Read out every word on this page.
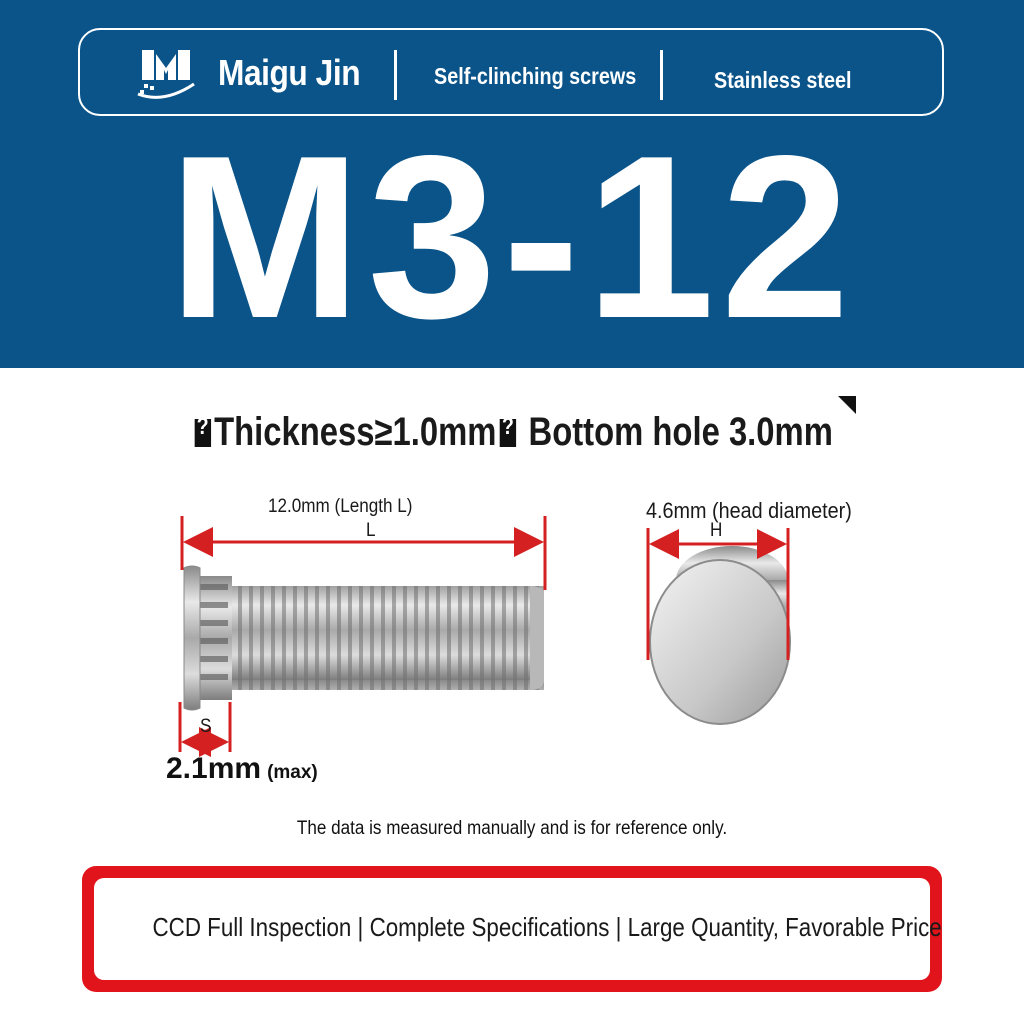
Maigu Jin	Self-clinching screws	Stainless steel
M3-12
?Thickness≥1.0mm? Bottom hole 3.0mm
12.0mm (Length L)
L
4.6mm (head diameter)
H
S
2.1mm (max)
The data is measured manually and is for reference only.
CCD Full Inspection | Complete Specifications | Large Quantity, Favorable Price
